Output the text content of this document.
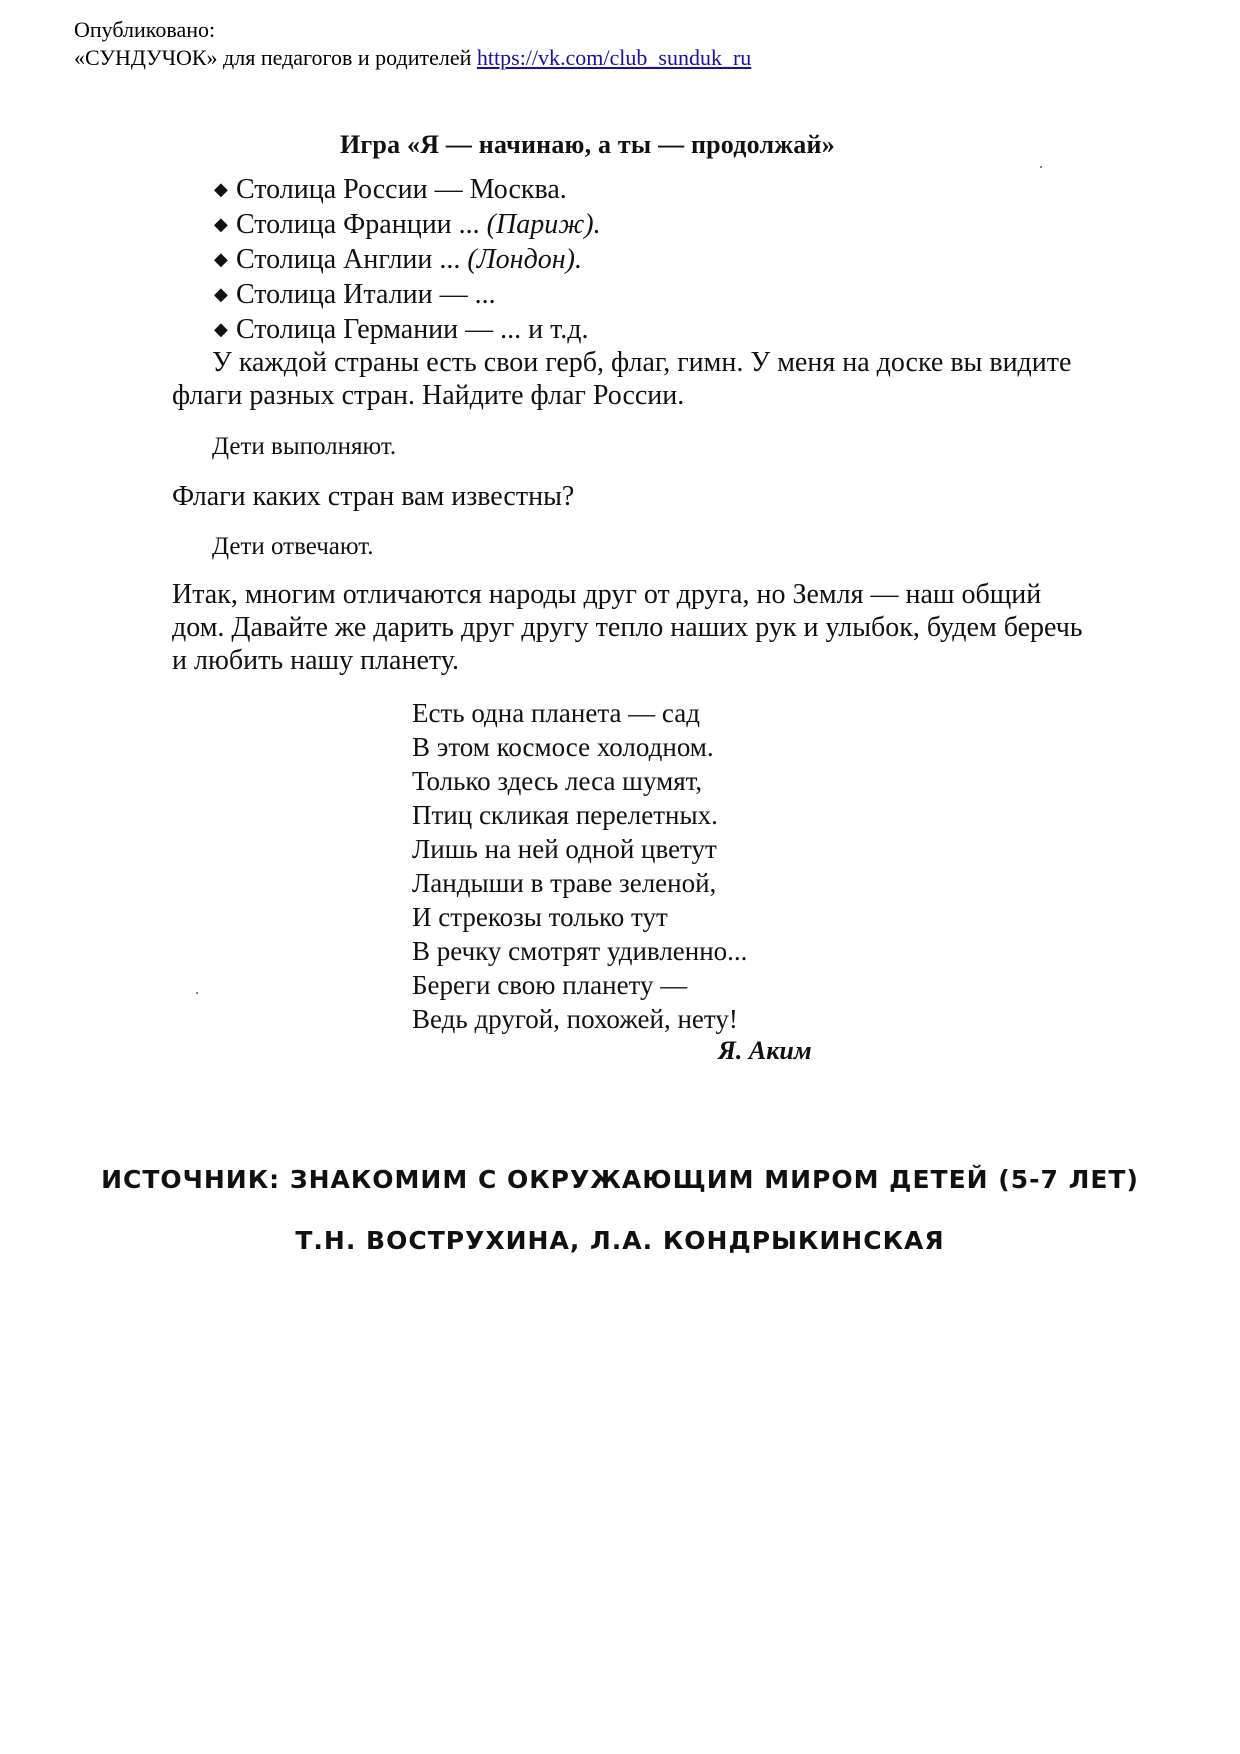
Опубликовано:
«СУНДУЧОК» для педагогов и родителей https://vk.com/club_sunduk_ru
Игра «Я — начинаю, а ты — продолжай»
◆ Столица России — Москва.
◆ Столица Франции ... (Париж).
◆ Столица Англии ... (Лондон).
◆ Столица Италии — ...
◆ Столица Германии — ... и т.д.
У каждой страны есть свои герб, флаг, гимн. У меня на доске вы видите флаги разных стран. Найдите флаг России.
Дети выполняют.
Флаги каких стран вам известны?
Дети отвечают.
Итак, многим отличаются народы друг от друга, но Земля — наш общий дом. Давайте же дарить друг другу тепло наших рук и улыбок, будем беречь и любить нашу планету.
Есть одна планета — сад
В этом космосе холодном.
Только здесь леса шумят,
Птиц скликая перелетных.
Лишь на ней одной цветут
Ландыши в траве зеленой,
И стрекозы только тут
В речку смотрят удивленно...
Береги свою планету —
Ведь другой, похожей, нету!
Я. Аким
ИСТОЧНИК: ЗНАКОМИМ С ОКРУЖАЮЩИМ МИРОМ ДЕТЕЙ (5-7 ЛЕТ)
Т.Н. ВОСТРУХИНА, Л.А. КОНДРЫКИНСКАЯ
